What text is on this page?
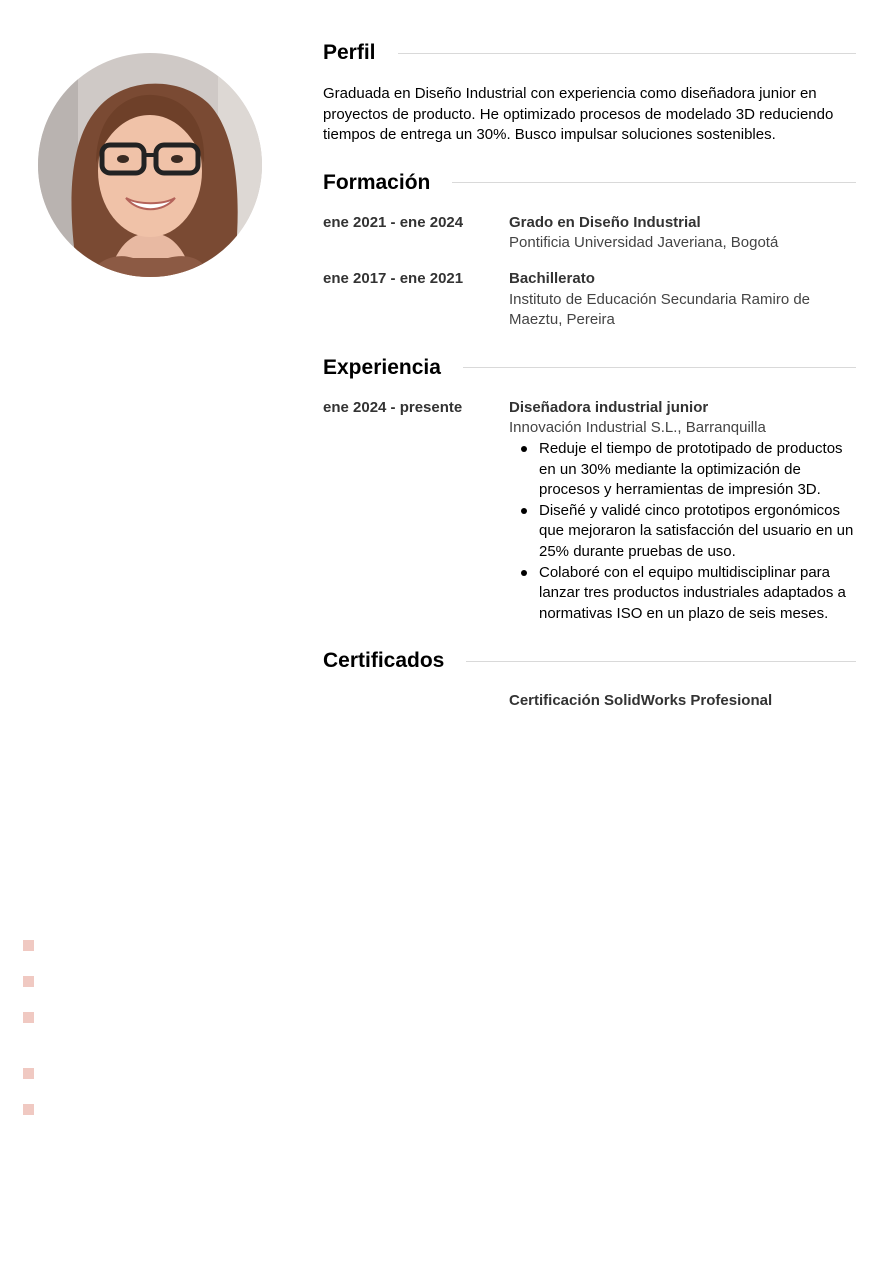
Perfil

Graduada en Diseño Industrial con experiencia como diseñadora junior en proyectos de producto. He optimizado procesos de modelado 3D reduciendo tiempos de entrega un 30%. Busco impulsar soluciones sostenibles.

Formación
ene 2021 - ene 2024	Grado en Diseño Industrial
Pontificia Universidad Javeriana, Bogotá
ene 2017 - ene 2021	Bachillerato
Instituto de Educación Secundaria Ramiro de Maeztu, Pereira
Experiencia
ene 2024 - presente	Diseñadora industrial junior
Innovación Industrial S.L., Barranquilla
Reduje el tiempo de prototipado de productos en un 30% mediante la optimización de procesos y herramientas de impresión 3D.
Diseñé y validé cinco prototipos ergonómicos que mejoraron la satisfacción del usuario en un 25% durante pruebas de uso.
Colaboré con el equipo multidisciplinar para lanzar tres productos industriales adaptados a normativas ISO en un plazo de seis meses.
Certificados
Certificación SolidWorks Profesional
